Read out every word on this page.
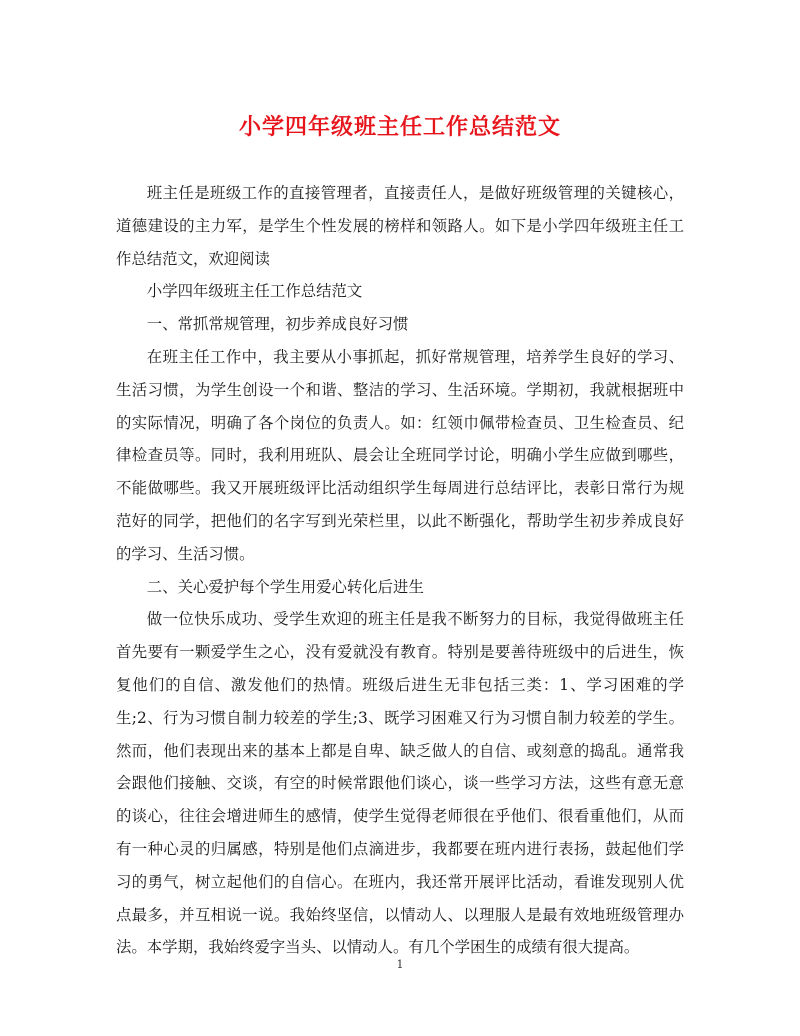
小学四年级班主任工作总结范文

班主任是班级工作的直接管理者，直接责任人，是做好班级管理的关键核心，道德建设的主力军，是学生个性发展的榜样和领路人。如下是小学四年级班主任工作总结范文，欢迎阅读

小学四年级班主任工作总结范文

一、常抓常规管理，初步养成良好习惯

在班主任工作中，我主要从小事抓起，抓好常规管理，培养学生良好的学习、生活习惯，为学生创设一个和谐、整洁的学习、生活环境。学期初，我就根据班中的实际情况，明确了各个岗位的负责人。如：红领巾佩带检查员、卫生检查员、纪律检查员等。同时，我利用班队、晨会让全班同学讨论，明确小学生应做到哪些，不能做哪些。我又开展班级评比活动组织学生每周进行总结评比，表彰日常行为规范好的同学，把他们的名字写到光荣栏里，以此不断强化，帮助学生初步养成良好的学习、生活习惯。

二、关心爱护每个学生用爱心转化后进生

做一位快乐成功、受学生欢迎的班主任是我不断努力的目标，我觉得做班主任首先要有一颗爱学生之心，没有爱就没有教育。特别是要善待班级中的后进生，恢复他们的自信、激发他们的热情。班级后进生无非包括三类：1、学习困难的学生;2、行为习惯自制力较差的学生;3、既学习困难又行为习惯自制力较差的学生。然而，他们表现出来的基本上都是自卑、缺乏做人的自信、或刻意的捣乱。通常我会跟他们接触、交谈，有空的时候常跟他们谈心，谈一些学习方法，这些有意无意的谈心，往往会增进师生的感情，使学生觉得老师很在乎他们、很看重他们，从而有一种心灵的归属感，特别是他们点滴进步，我都要在班内进行表扬，鼓起他们学习的勇气，树立起他们的自信心。在班内，我还常开展评比活动，看谁发现别人优点最多，并互相说一说。我始终坚信，以情动人、以理服人是最有效地班级管理办法。本学期，我始终爱字当头、以情动人。有几个学困生的成绩有很大提高。

1
